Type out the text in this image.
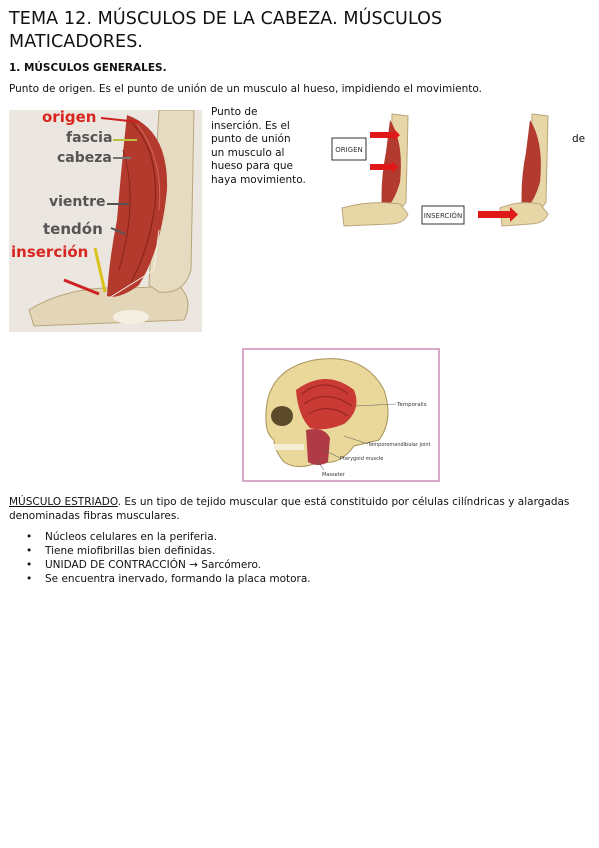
TEMA 12. MÚSCULOS DE LA CABEZA. MÚSCULOS MATICADORES.
1. MÚSCULOS GENERALES.
Punto de origen. Es el punto de unión de un musculo al hueso, impidiendo el movimiento.
origen
fascia
cabeza
vientre
tendón
inserción
Punto de inserción. Es el punto de unión un musculo al hueso para que haya movimiento.
ORIGEN
INSERCIÓN
de
Temporalis
Temporomandibular joint
Pterygoid muscle
Masseter
MÚSCULO ESTRIADO. Es un tipo de tejido muscular que está constituido por células cilíndricas y alargadas denominadas fibras musculares.
• Núcleos celulares en la periferia.
• Tiene miofibrillas bien definidas.
• UNIDAD DE CONTRACCIÓN → Sarcómero.
• Se encuentra inervado, formando la placa motora.
